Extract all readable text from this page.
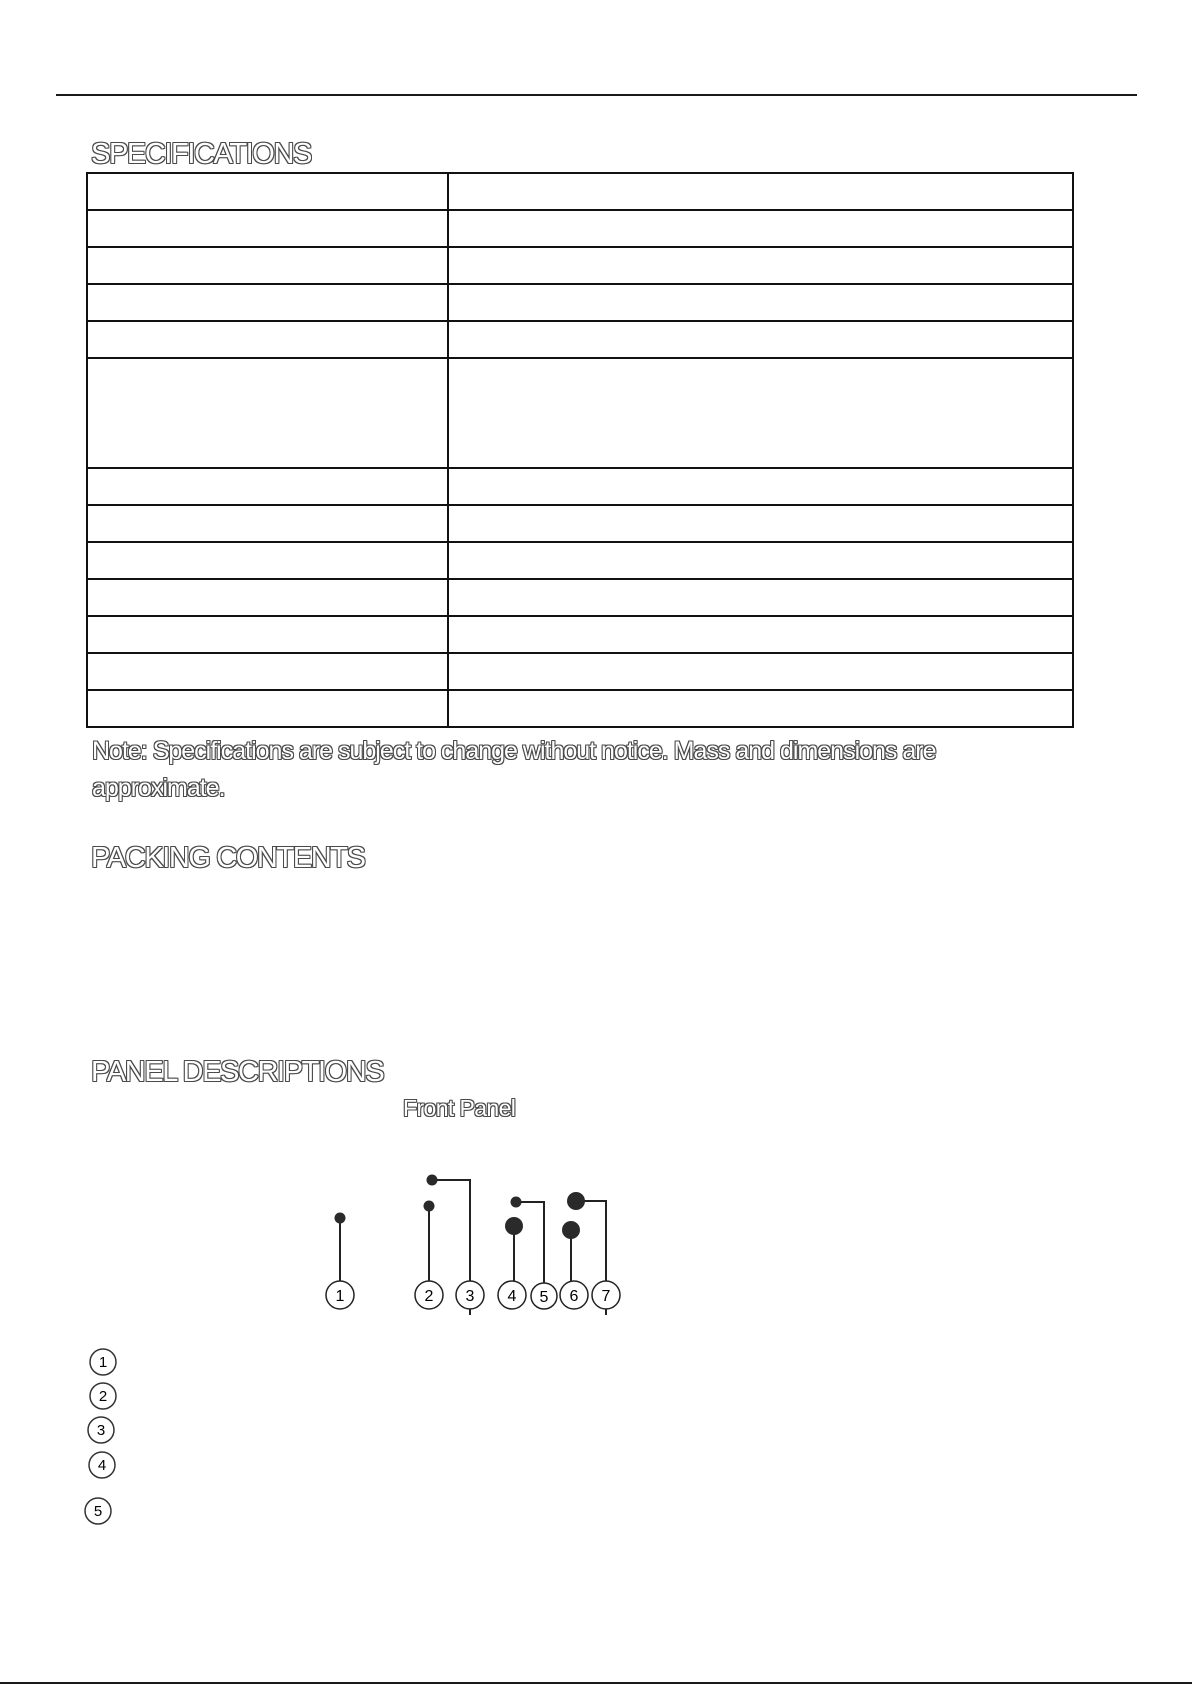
SPECIFICATIONS

Note: Specifications are subject to change without notice. Mass and dimensions are approximate.

PACKING CONTENTS
PANEL DESCRIPTIONS

Front Panel

1	2 3 4 5 6 7
1
2
3
4
5
